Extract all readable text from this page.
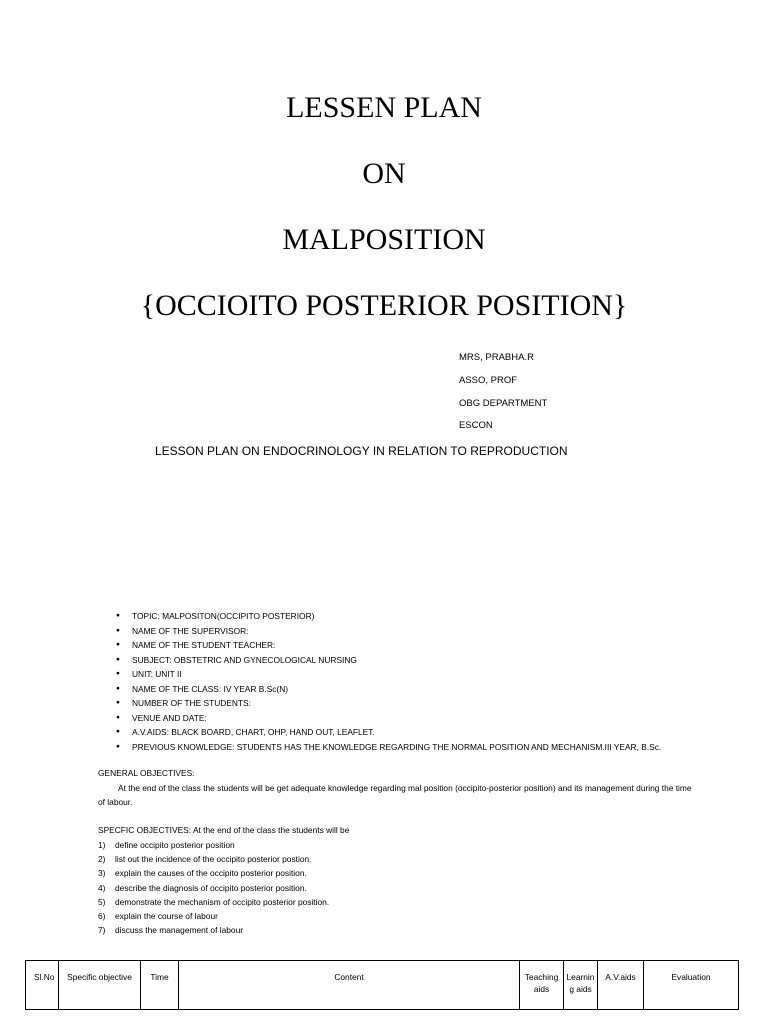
LESSEN PLAN
ON
MALPOSITION
{OCCIOITO POSTERIOR POSITION}
MRS, PRABHA.R
ASSO, PROF
OBG DEPARTMENT
ESCON
LESSON PLAN ON ENDOCRINOLOGY IN RELATION TO REPRODUCTION
● TOPIC: MALPOSITON(OCCIPITO POSTERIOR)
● NAME OF THE SUPERVISOR:
● NAME OF THE STUDENT TEACHER:
● SUBJECT: OBSTETRIC AND GYNECOLOGICAL NURSING
● UNIT: UNIT II
● NAME OF THE CLASS: IV YEAR B.Sc(N)
● NUMBER OF THE STUDENTS:
● VENUE AND DATE:
● A.V.AIDS: BLACK BOARD, CHART, OHP, HAND OUT, LEAFLET.
● PREVIOUS KNOWLEDGE: STUDENTS HAS THE KNOWLEDGE REGARDING THE NORMAL POSITION AND MECHANISM.III YEAR, B.Sc.
GENERAL OBJECTIVES:
At the end of the class the students will be get adequate knowledge regarding mal position (occipito-posterior position) and its management during the time of labour.
SPECFIC OBJECTIVES: At the end of the class the students will be
1) define occipito posterior position
2) list out the incidence of the occipito posterior postion.
3) explain the causes of the occipito posterior position.
4) describe the diagnosis of occipito posterior position.
5) demonstrate the mechanism of occipito posterior position.
6) explain the course of labour
7) discuss the management of labour
Sl.No	Specific objective	Time	Content	Teaching aids	Learning aids	A.V.aids	Evaluation
